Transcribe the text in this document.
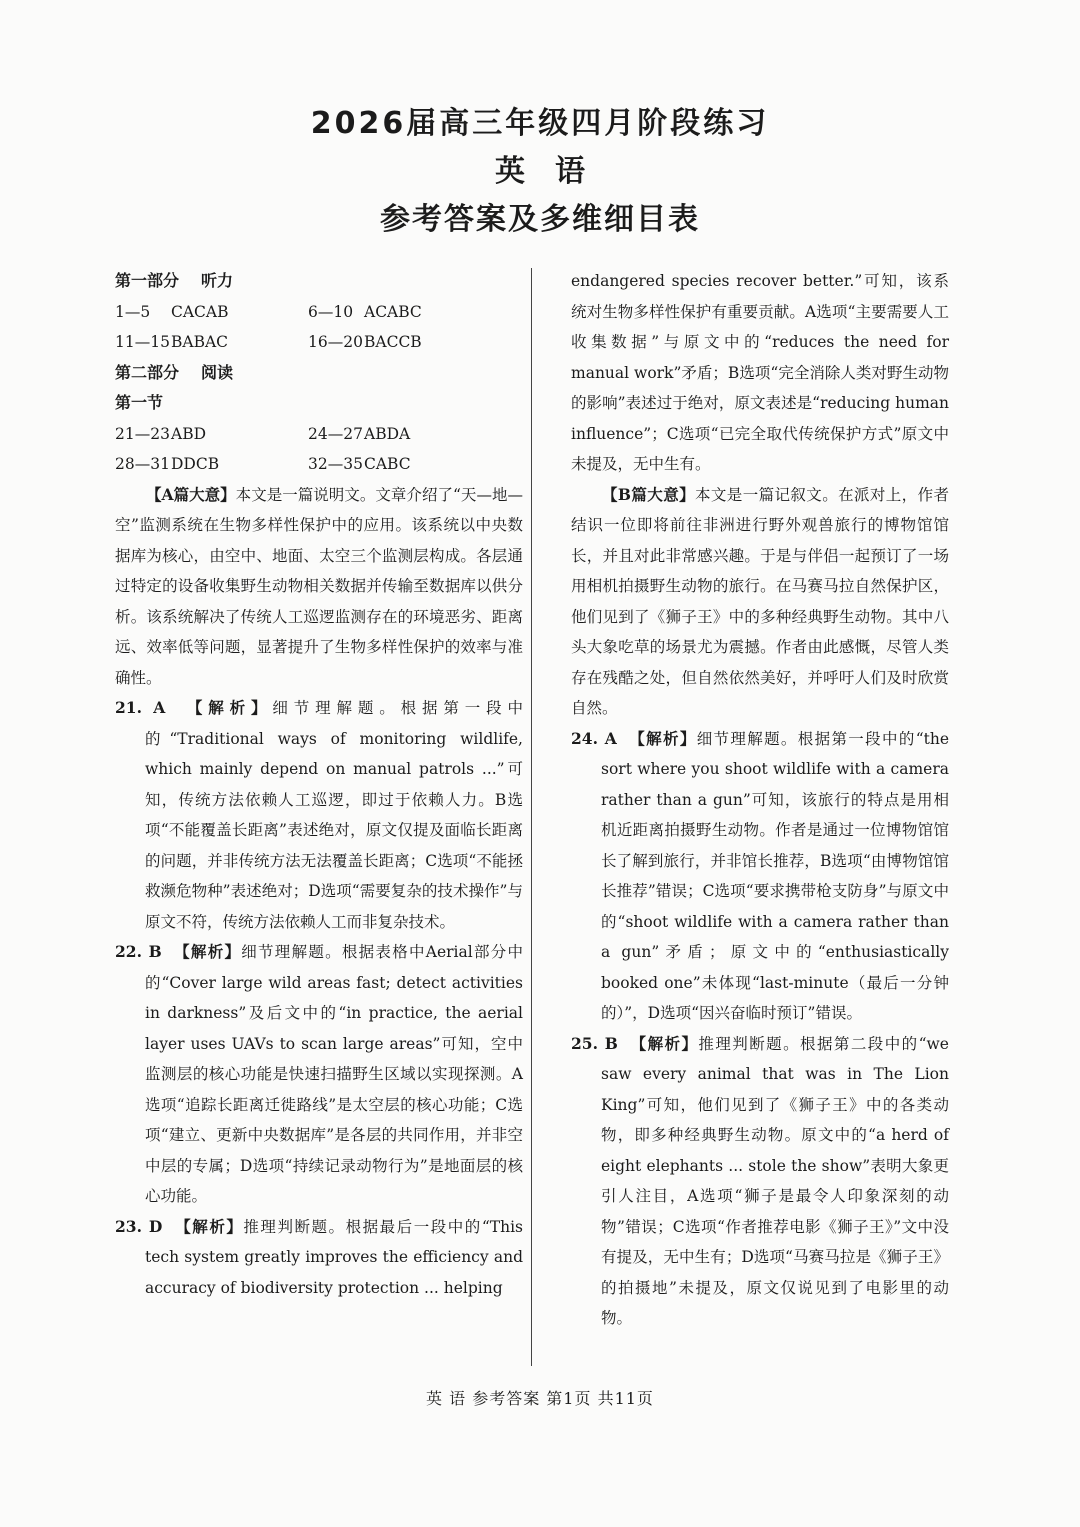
2026届高三年级四月阶段练习
英语
参考答案及多维细目表
第一部分 听力
1—5 CACAB	6—10 ACABC
11—15BABAC	16—20BACCB
第二部分 阅读
第一节
21—23ABD	24—27ABDA
28—31DDCB	32—35CABC

【A篇大意】本文是一篇说明文。文章介绍了“天—地—空”监测系统在生物多样性保护中的应用。该系统以中央数据库为核心，由空中、地面、太空三个监测层构成。各层通过特定的设备收集野生动物相关数据并传输至数据库以供分析。该系统解决了传统人工巡逻监测存在的环境恶劣、距离远、效率低等问题，显著提升了生物多样性保护的效率与准确性。

21. A 【解析】细节理解题。根据第一段中的“Traditional ways of monitoring wildlife, which mainly depend on manual patrols ...”可知，传统方法依赖人工巡逻，即过于依赖人力。B选项“不能覆盖长距离”表述绝对，原文仅提及面临长距离的问题，并非传统方法无法覆盖长距离；C选项“不能拯救濒危物种”表述绝对；D选项“需要复杂的技术操作”与原文不符，传统方法依赖人工而非复杂技术。

22. B 【解析】细节理解题。根据表格中Aerial部分中的“Cover large wild areas fast; detect activities in darkness”及后文中的“in practice, the aerial layer uses UAVs to scan large areas”可知，空中监测层的核心功能是快速扫描野生区域以实现探测。A选项“追踪长距离迁徙路线”是太空层的核心功能；C选项“建立、更新中央数据库”是各层的共同作用，并非空中层的专属；D选项“持续记录动物行为”是地面层的核心功能。

23. D 【解析】推理判断题。根据最后一段中的“This tech system greatly improves the efficiency and accuracy of biodiversity protection ... helping

endangered species recover better.”可知，该系统对生物多样性保护有重要贡献。A选项“主要需要人工收集数据”与原文中的“reduces the need for manual work”矛盾；B选项“完全消除人类对野生动物的影响”表述过于绝对，原文表述是“reducing human influence”；C选项“已完全取代传统保护方式”原文中未提及，无中生有。

【B篇大意】本文是一篇记叙文。在派对上，作者结识一位即将前往非洲进行野外观兽旅行的博物馆馆长，并且对此非常感兴趣。于是与伴侣一起预订了一场用相机拍摄野生动物的旅行。在马赛马拉自然保护区，他们见到了《狮子王》中的多种经典野生动物。其中八头大象吃草的场景尤为震撼。作者由此感慨，尽管人类存在残酷之处，但自然依然美好，并呼吁人们及时欣赏自然。

24. A 【解析】细节理解题。根据第一段中的“the sort where you shoot wildlife with a camera rather than a gun”可知，该旅行的特点是用相机近距离拍摄野生动物。作者是通过一位博物馆馆长了解到旅行，并非馆长推荐，B选项“由博物馆馆长推荐”错误；C选项“要求携带枪支防身”与原文中的“shoot wildlife with a camera rather than a gun”矛盾；原文中的“enthusiastically booked one”未体现“last-minute（最后一分钟的）”，D选项“因兴奋临时预订”错误。

25. B 【解析】推理判断题。根据第二段中的“we saw every animal that was in The Lion King”可知，他们见到了《狮子王》中的各类动物，即多种经典野生动物。原文中的“a herd of eight elephants ... stole the show”表明大象更引人注目，A选项“狮子是最令人印象深刻的动物”错误；C选项“作者推荐电影《狮子王》”文中没有提及，无中生有；D选项“马赛马拉是《狮子王》的拍摄地”未提及，原文仅说见到了电影里的动物。

英 语 参考答案 第1页 共11页
